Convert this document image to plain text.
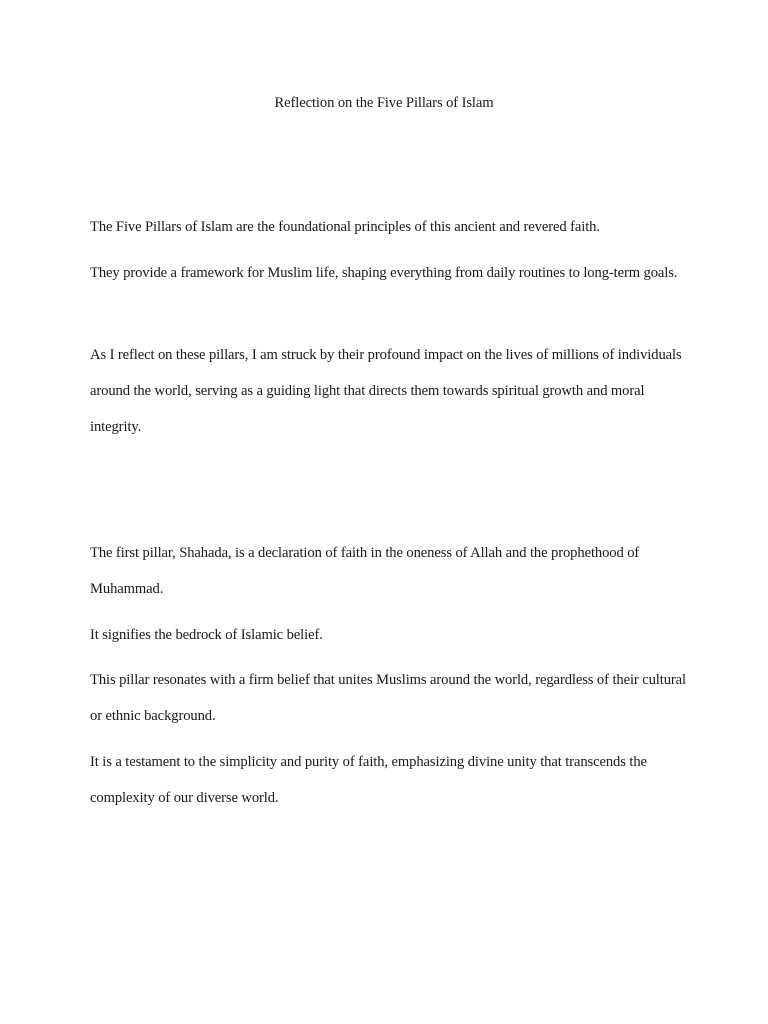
Reflection on the Five Pillars of Islam

The Five Pillars of Islam are the foundational principles of this ancient and revered faith.

They provide a framework for Muslim life, shaping everything from daily routines to long-term goals.

As I reflect on these pillars, I am struck by their profound impact on the lives of millions of individuals around the world, serving as a guiding light that directs them towards spiritual growth and moral integrity.

The first pillar, Shahada, is a declaration of faith in the oneness of Allah and the prophethood of Muhammad.

It signifies the bedrock of Islamic belief.

This pillar resonates with a firm belief that unites Muslims around the world, regardless of their cultural or ethnic background.

It is a testament to the simplicity and purity of faith, emphasizing divine unity that transcends the complexity of our diverse world.
